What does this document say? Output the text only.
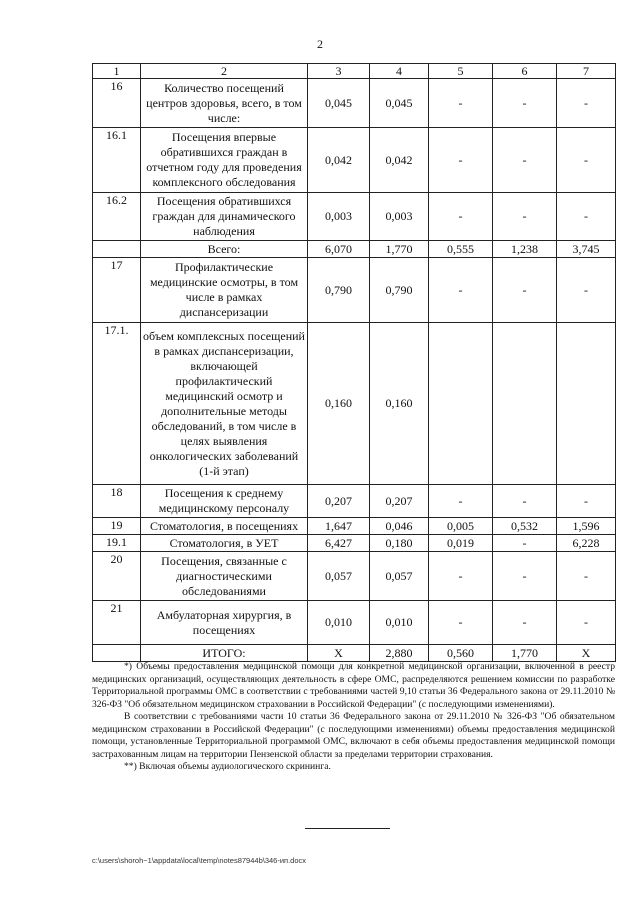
2
1	2	3	4	5	6	7
16	Количество посещений центров здоровья, всего, в том числе:	0,045	0,045	-	-	-
16.1	Посещения впервые обратившихся граждан в отчетном году для проведения комплексного обследования	0,042	0,042	-	-	-
16.2	Посещения обратившихся граждан для динамического наблюдения	0,003	0,003	-	-	-
	Всего:	6,070	1,770	0,555	1,238	3,745
17	Профилактические медицинские осмотры, в том числе в рамках диспансеризации	0,790	0,790	-	-	-
17.1.	объем комплексных посещений в рамках диспансеризации, включающей профилактический медицинский осмотр и дополнительные методы обследований, в том числе в целях выявления онкологических заболеваний (1-й этап)	0,160	0,160			
18	Посещения к среднему медицинскому персоналу	0,207	0,207	-	-	-
19	Стоматология, в посещениях	1,647	0,046	0,005	0,532	1,596
19.1	Стоматология, в УЕТ	6,427	0,180	0,019	-	6,228
20	Посещения, связанные с диагностическими обследованиями	0,057	0,057	-	-	-
21	Амбулаторная хирургия, в посещениях	0,010	0,010	-	-	-
	ИТОГО:	Х	2,880	0,560	1,770	Х

*) Объемы предоставления медицинской помощи для конкретной медицинской организации, включенной в реестр медицинских организаций, осуществляющих деятельность в сфере ОМС, распределяются решением комиссии по разработке Территориальной программы ОМС в соответствии с требованиями частей 9,10 статьи 36 Федерального закона от 29.11.2010 № 326-ФЗ "Об обязательном медицинском страховании в Российской Федерации" (с последующими изменениями).

В соответствии с требованиями части 10 статьи 36 Федерального закона от 29.11.2010 № 326-ФЗ "Об обязательном медицинском страховании в Российской Федерации" (с последующими изменениями) объемы предоставления медицинской помощи, установленные Территориальной программой ОМС, включают в себя объемы предоставления медицинской помощи застрахованным лицам на территории Пензенской области за пределами территории страхования.

**) Включая объемы аудиологического скрининга.

c:\users\shoroh~1\appdata\local\temp\notes87944b\346-ип.docx
